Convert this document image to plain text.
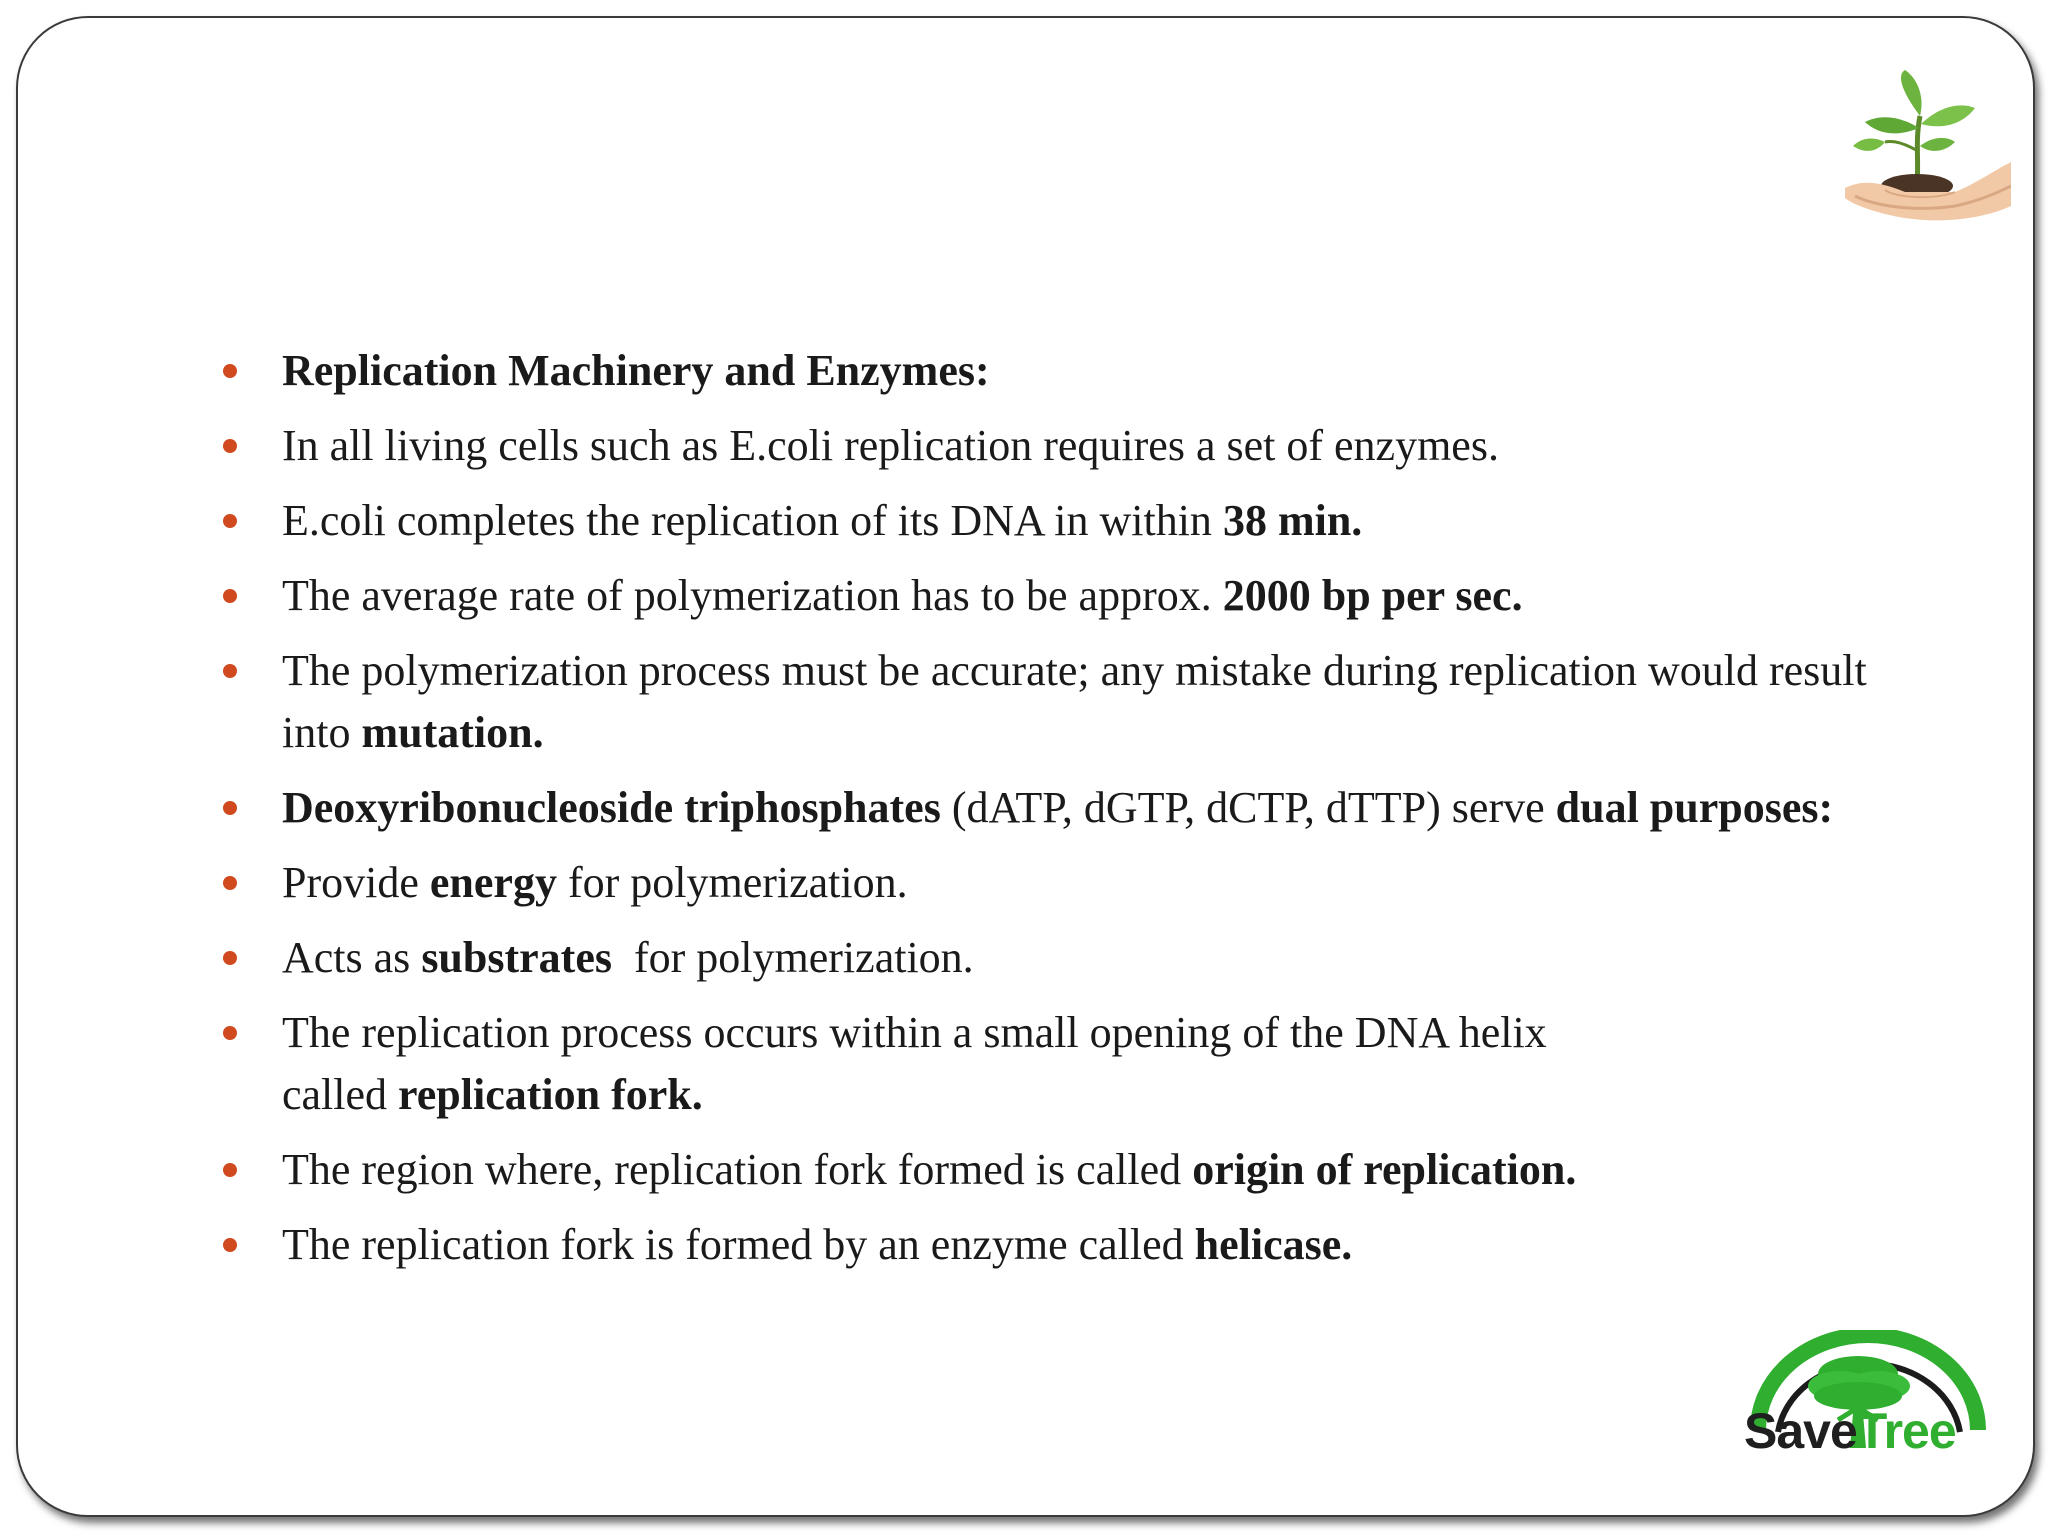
Replication Machinery and Enzymes:
In all living cells such as E.coli replication requires a set of enzymes.
E.coli completes the replication of its DNA in within 38 min.
The average rate of polymerization has to be approx. 2000 bp per sec.
The polymerization process must be accurate; any mistake during replication would result into mutation.
Deoxyribonucleoside triphosphates (dATP, dGTP, dCTP, dTTP) serve dual purposes:
Provide energy for polymerization.
Acts as substrates  for polymerization.
The replication process occurs within a small opening of the DNA helix
called replication fork.
The region where, replication fork formed is called origin of replication.
The replication fork is formed by an enzyme called helicase.
SaveTree
